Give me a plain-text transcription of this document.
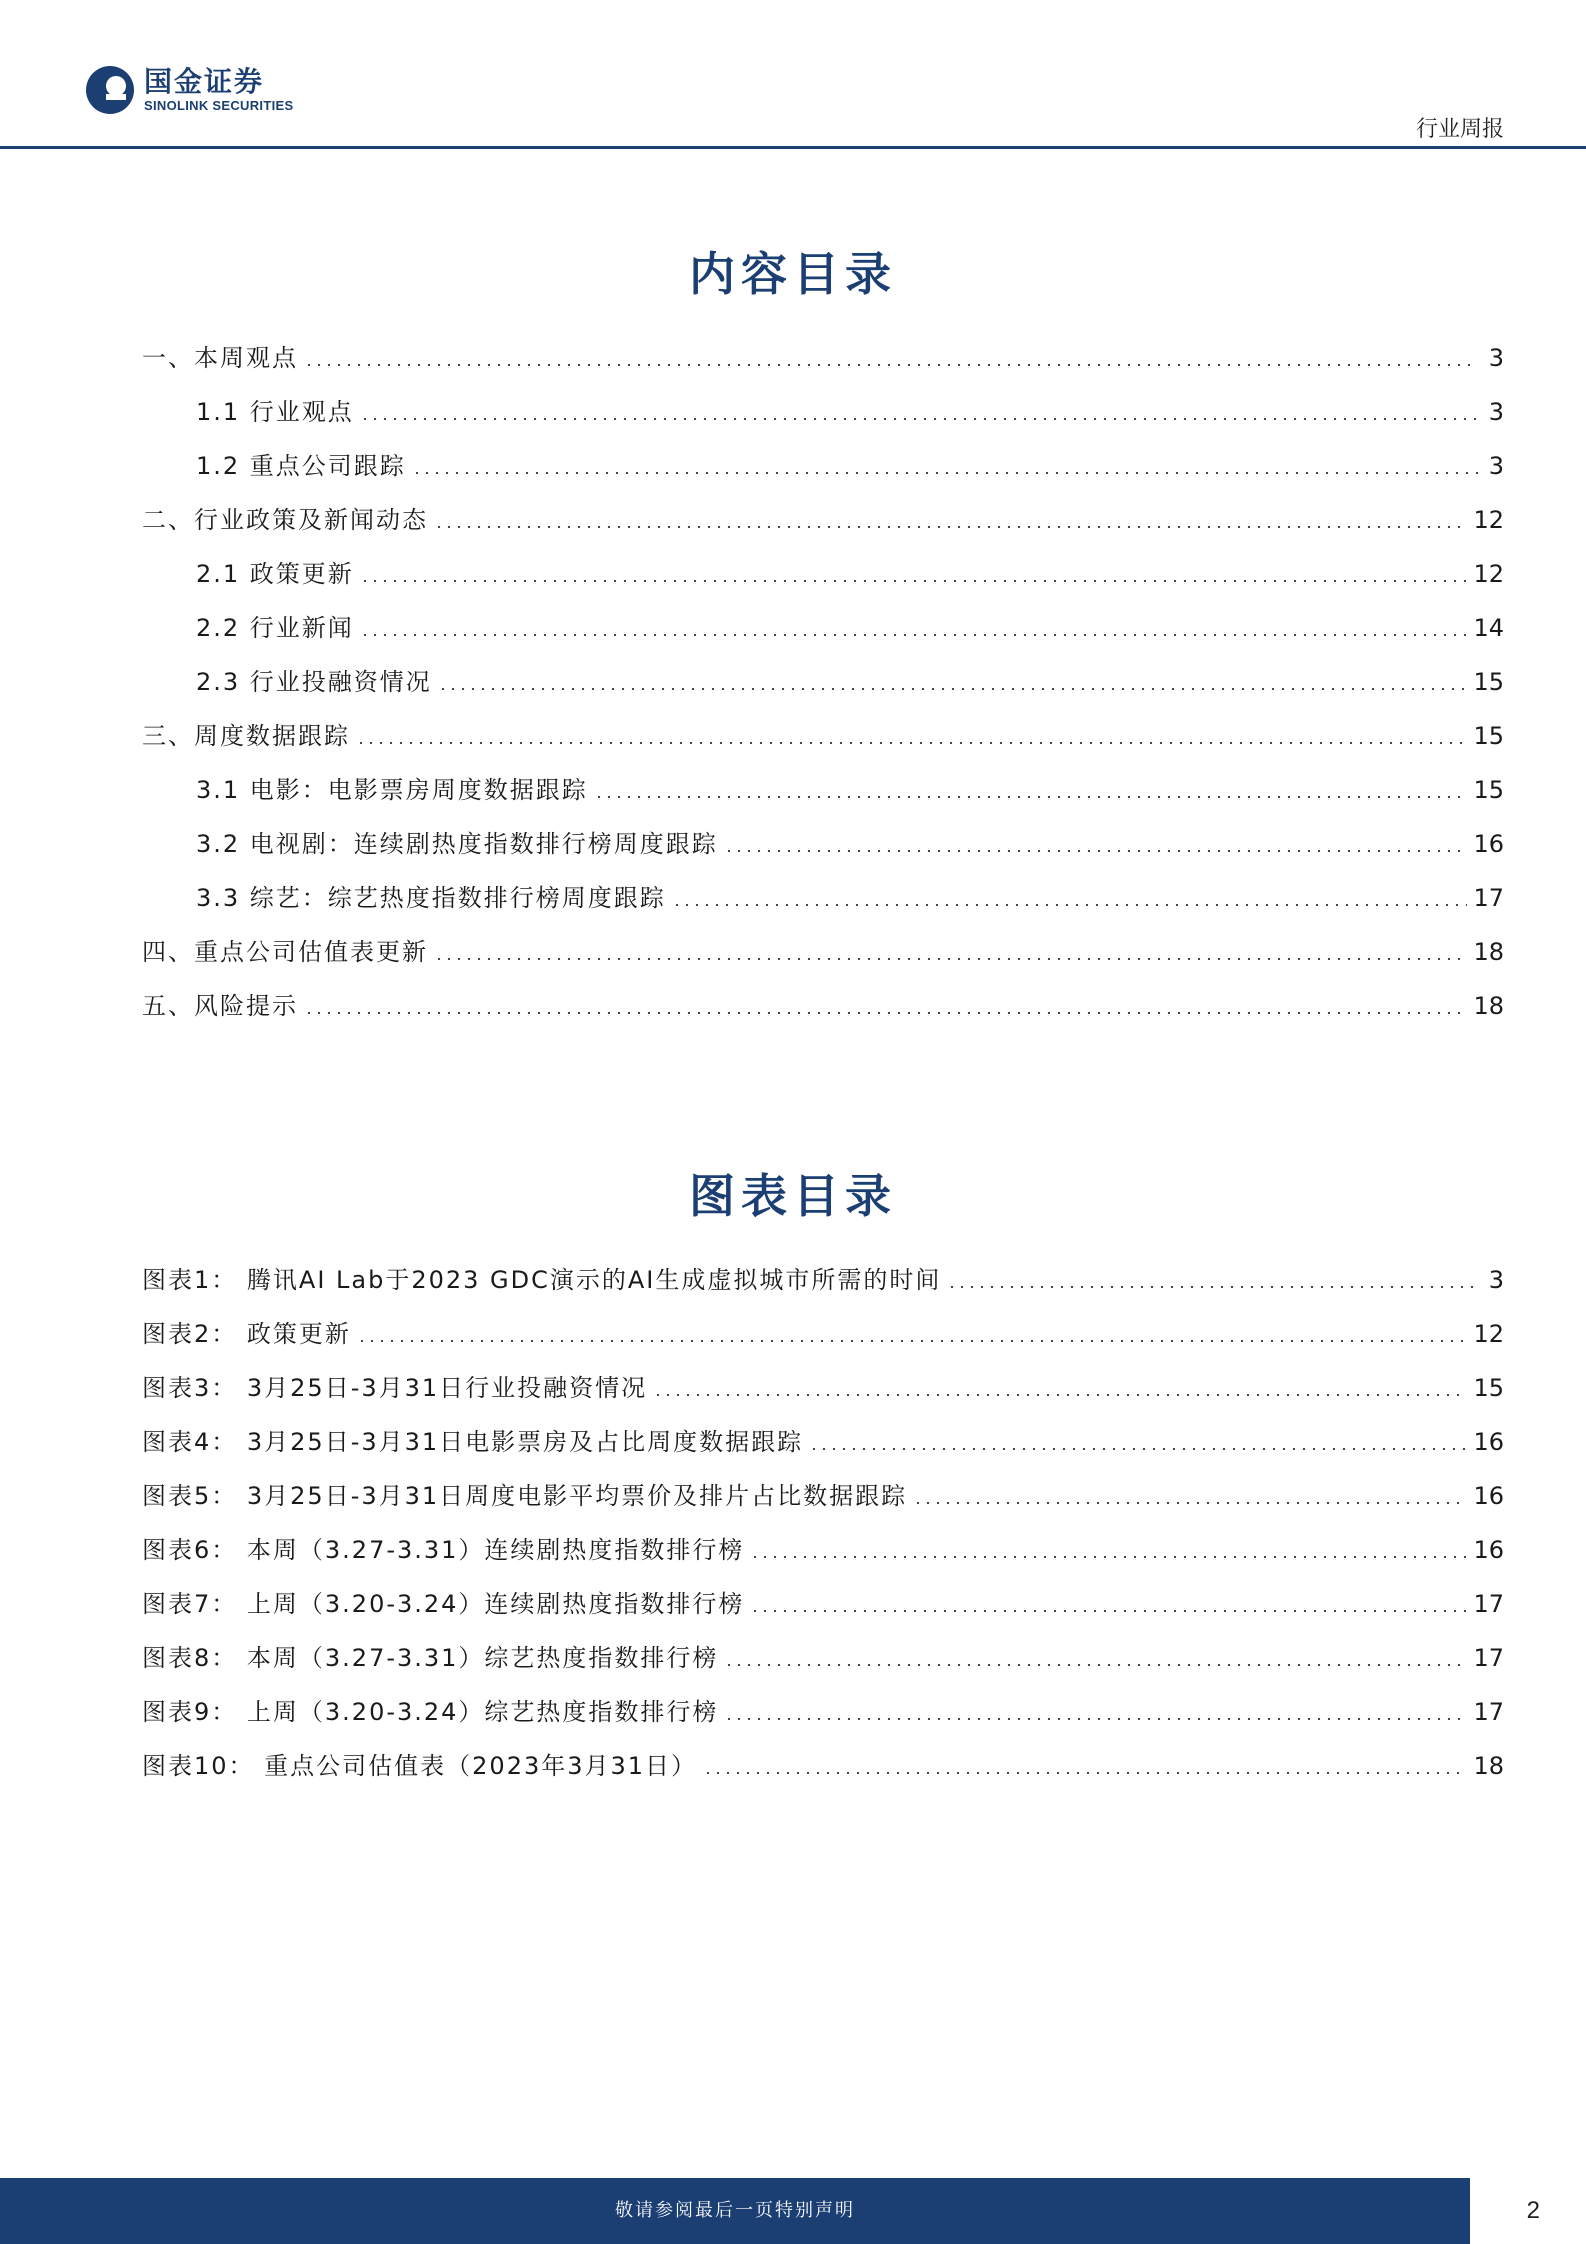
国金证券
SINOLINK SECURITIES
行业周报
内容目录
一、本周观点	3
1.1 行业观点	3
1.2 重点公司跟踪	3
二、行业政策及新闻动态	12
2.1 政策更新	12
2.2 行业新闻	14
2.3 行业投融资情况	15
三、周度数据跟踪	15
3.1 电影：电影票房周度数据跟踪	15
3.2 电视剧：连续剧热度指数排行榜周度跟踪	16
3.3 综艺：综艺热度指数排行榜周度跟踪	17
四、重点公司估值表更新	18
五、风险提示	18
图表目录
图表1： 腾讯AI Lab于2023 GDC演示的AI生成虚拟城市所需的时间	3
图表2： 政策更新	12
图表3： 3月25日-3月31日行业投融资情况	15
图表4： 3月25日-3月31日电影票房及占比周度数据跟踪	16
图表5： 3月25日-3月31日周度电影平均票价及排片占比数据跟踪	16
图表6： 本周（3.27-3.31）连续剧热度指数排行榜	16
图表7： 上周（3.20-3.24）连续剧热度指数排行榜	17
图表8： 本周（3.27-3.31）综艺热度指数排行榜	17
图表9： 上周（3.20-3.24）综艺热度指数排行榜	17
图表10： 重点公司估值表（2023年3月31日）	18
敬请参阅最后一页特别声明	2
